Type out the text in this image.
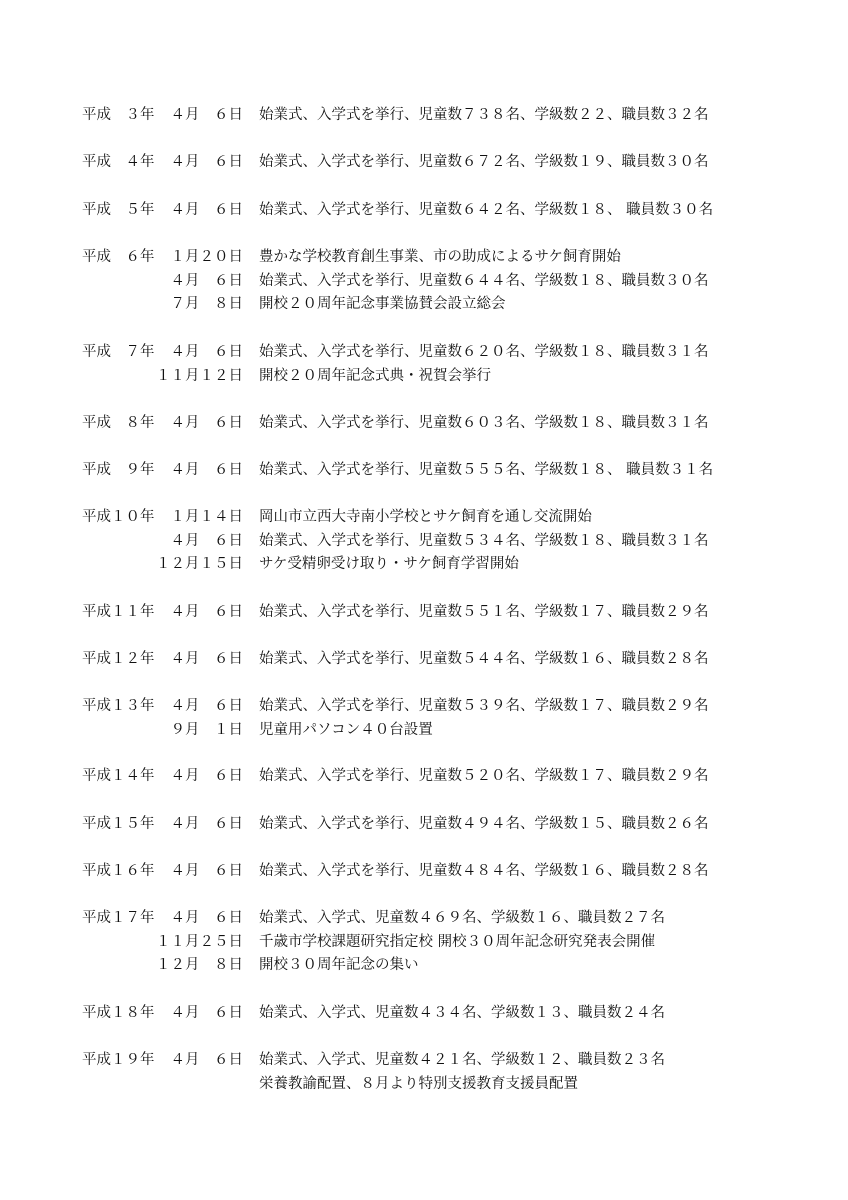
平成　３年 ４月　６日 始業式、入学式を挙行、児童数７３８名、学級数２２、職員数３２名
平成　４年 ４月　６日 始業式、入学式を挙行、児童数６７２名、学級数１９、職員数３０名
平成　５年 ４月　６日 始業式、入学式を挙行、児童数６４２名、学級数１８、 職員数３０名
平成　６年 １月２０日 豊かな学校教育創生事業、市の助成によるサケ飼育開始
４月　６日 始業式、入学式を挙行、児童数６４４名、学級数１８、職員数３０名
７月　８日 開校２０周年記念事業協賛会設立総会
平成　７年 ４月　６日 始業式、入学式を挙行、児童数６２０名、学級数１８、職員数３１名
１１月１２日 開校２０周年記念式典・祝賀会挙行
平成　８年 ４月　６日 始業式、入学式を挙行、児童数６０３名、学級数１８、職員数３１名
平成　９年 ４月　６日 始業式、入学式を挙行、児童数５５５名、学級数１８、 職員数３１名
平成１０年 １月１４日 岡山市立西大寺南小学校とサケ飼育を通し交流開始
４月　６日 始業式、入学式を挙行、児童数５３４名、学級数１８、職員数３１名
１２月１５日 サケ受精卵受け取り・サケ飼育学習開始
平成１１年 ４月　６日 始業式、入学式を挙行、児童数５５１名、学級数１７、職員数２９名
平成１２年 ４月　６日 始業式、入学式を挙行、児童数５４４名、学級数１６、職員数２８名
平成１３年 ４月　６日 始業式、入学式を挙行、児童数５３９名、学級数１７、職員数２９名
９月　１日 児童用パソコン４０台設置
平成１４年 ４月　６日 始業式、入学式を挙行、児童数５２０名、学級数１７、職員数２９名
平成１５年 ４月　６日 始業式、入学式を挙行、児童数４９４名、学級数１５、職員数２６名
平成１６年 ４月　６日 始業式、入学式を挙行、児童数４８４名、学級数１６、職員数２８名
平成１７年 ４月　６日 始業式、入学式、児童数４６９名、学級数１６、職員数２７名
１１月２５日 千歳市学校課題研究指定校 開校３０周年記念研究発表会開催
１２月　８日 開校３０周年記念の集い
平成１８年 ４月　６日 始業式、入学式、児童数４３４名、学級数１３、職員数２４名
平成１９年 ４月　６日 始業式、入学式、児童数４２１名、学級数１２、職員数２３名
栄養教諭配置、８月より特別支援教育支援員配置
